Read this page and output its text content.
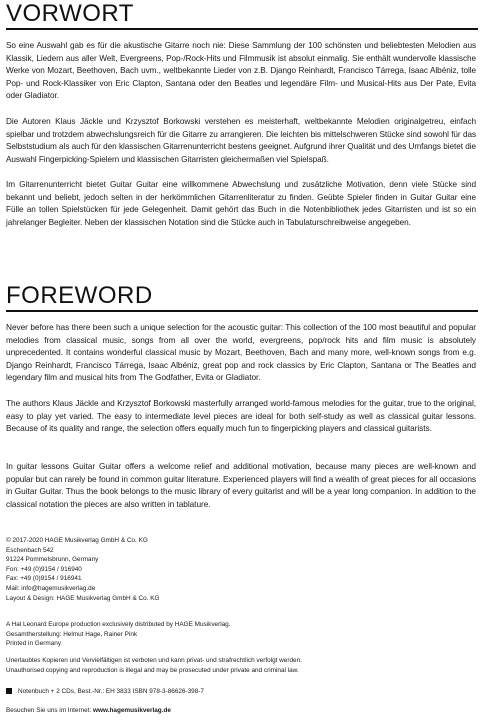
VORWORT

So eine Auswahl gab es für die akustische Gitarre noch nie: Diese Sammlung der 100 schönsten und beliebtesten Melodien aus Klassik, Liedern aus aller Welt, Evergreens, Pop-/Rock-Hits und Filmmusik ist absolut einmalig. Sie enthält wundervolle klassische Werke von Mozart, Beethoven, Bach uvm., weltbekannte Lieder von z.B. Django Reinhardt, Francisco Tárrega, Isaac Albéniz, tolle Pop- und Rock-Klassiker von Eric Clapton, Santana oder den Beatles und legendäre Film- und Musical-Hits aus Der Pate, Evita oder Gladiator.

Die Autoren Klaus Jäckle und Krzysztof Borkowski verstehen es meisterhaft, weltbekannte Melodien originalgetreu, einfach spielbar und trotzdem abwechslungsreich für die Gitarre zu arrangieren. Die leichten bis mittelschweren Stücke sind sowohl für das Selbststudium als auch für den klassischen Gitarrenunterricht bestens geeignet. Aufgrund ihrer Qualität und des Umfangs bietet die Auswahl Fingerpicking-Spielern und klassischen Gitarristen gleichermaßen viel Spielspaß.

Im Gitarrenunterricht bietet Guitar Guitar eine willkommene Abwechslung und zusätzliche Motivation, denn viele Stücke sind bekannt und beliebt, jedoch selten in der herkömmlichen Gitarrenliteratur zu finden. Geübte Spieler finden in Guitar Guitar eine Fülle an tollen Spielstücken für jede Gelegenheit. Damit gehört das Buch in die Notenbibliothek jedes Gitarristen und ist so ein jahrelanger Begleiter. Neben der klassischen Notation sind die Stücke auch in Tabulaturschreibweise angegeben.

FOREWORD

Never before has there been such a unique selection for the acoustic guitar: This collection of the 100 most beautiful and popular melodies from classical music, songs from all over the world, evergreens, pop/rock hits and film music is absolutely unprecedented. It contains wonderful classical music by Mozart, Beethoven, Bach and many more, well-known songs from e.g. Django Reinhardt, Francisco Tárrega, Isaac Albéniz, great pop and rock classics by Eric Clapton, Santana or The Beatles and legendary film and musical hits from The Godfather, Evita or Gladiator.

The authors Klaus Jäckle and Krzysztof Borkowski masterfully arranged world-famous melodies for the guitar, true to the original, easy to play yet varied. The easy to intermediate level pieces are ideal for both self-study as well as classical guitar lessons. Because of its quality and range, the selection offers equally much fun to fingerpicking players and classical guitarists.

In guitar lessons Guitar Guitar offers a welcome relief and additional motivation, because many pieces are well-known and popular but can rarely be found in common guitar literature. Experienced players will find a wealth of great pieces for all occasions in Guitar Guitar. Thus the book belongs to the music library of every guitarist and will be a year long companion. In addition to the classical notation the pieces are also written in tablature.

© 2017-2020 HAGE Musikverlag GmbH & Co. KG
Eschenbach 542
91224 Pommelsbrunn, Germany
Fon: +49 (0)9154 / 916940
Fax: +49 (0)9154 / 916941
Mail: info@hagemusikverlag.de
Layout & Design: HAGE Musikverlag GmbH & Co. KG
A Hal Leonard Europe production exclusively distributed by HAGE Musikverlag.
Gesamtherstellung: Helmut Hage, Rainer Pink
Printed in Germany
Unerlaubtes Kopieren und Vervielfältigen ist verboten und kann privat- und strafrechtlich verfolgt werden.
Unauthorised copying and reproduction is illegal and may be prosecuted under private and criminal law.
Notenbuch + 2 CDs, Best.-Nr.: EH 3833 ISBN 978-3-86626-398-7
Besuchen Sie uns im Internet: www.hagemusikverlag.de
